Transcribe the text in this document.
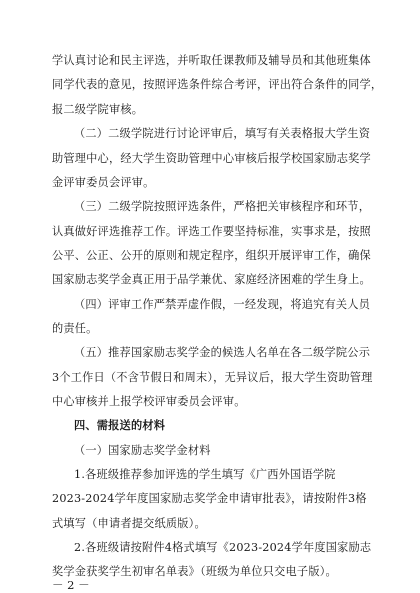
学认真讨论和民主评选，并听取任课教师及辅导员和其他班集体
同学代表的意见，按照评选条件综合考评，评出符合条件的同学，
报二级学院审核。
（二）二级学院进行讨论评审后，填写有关表格报大学生资
助管理中心，经大学生资助管理中心审核后报学校国家励志奖学
金评审委员会评审。
（三）二级学院按照评选条件，严格把关审核程序和环节，
认真做好评选推荐工作。评选工作要坚持标准，实事求是，按照
公平、公正、公开的原则和规定程序，组织开展评审工作，确保
国家励志奖学金真正用于品学兼优、家庭经济困难的学生身上。
（四）评审工作严禁弄虚作假，一经发现，将追究有关人员
的责任。
（五）推荐国家励志奖学金的候选人名单在各二级学院公示
3个工作日（不含节假日和周末），无异议后，报大学生资助管理
中心审核并上报学校评审委员会评审。
四、需报送的材料
（一）国家励志奖学金材料
1.各班级推荐参加评选的学生填写《广西外国语学院
2023-2024学年度国家励志奖学金申请审批表》，请按附件3格
式填写（申请者提交纸质版）。
2.各班级请按附件4格式填写《2023-2024学年度国家励志
奖学金获奖学生初审名单表》（班级为单位只交电子版）。
－ 2 －
